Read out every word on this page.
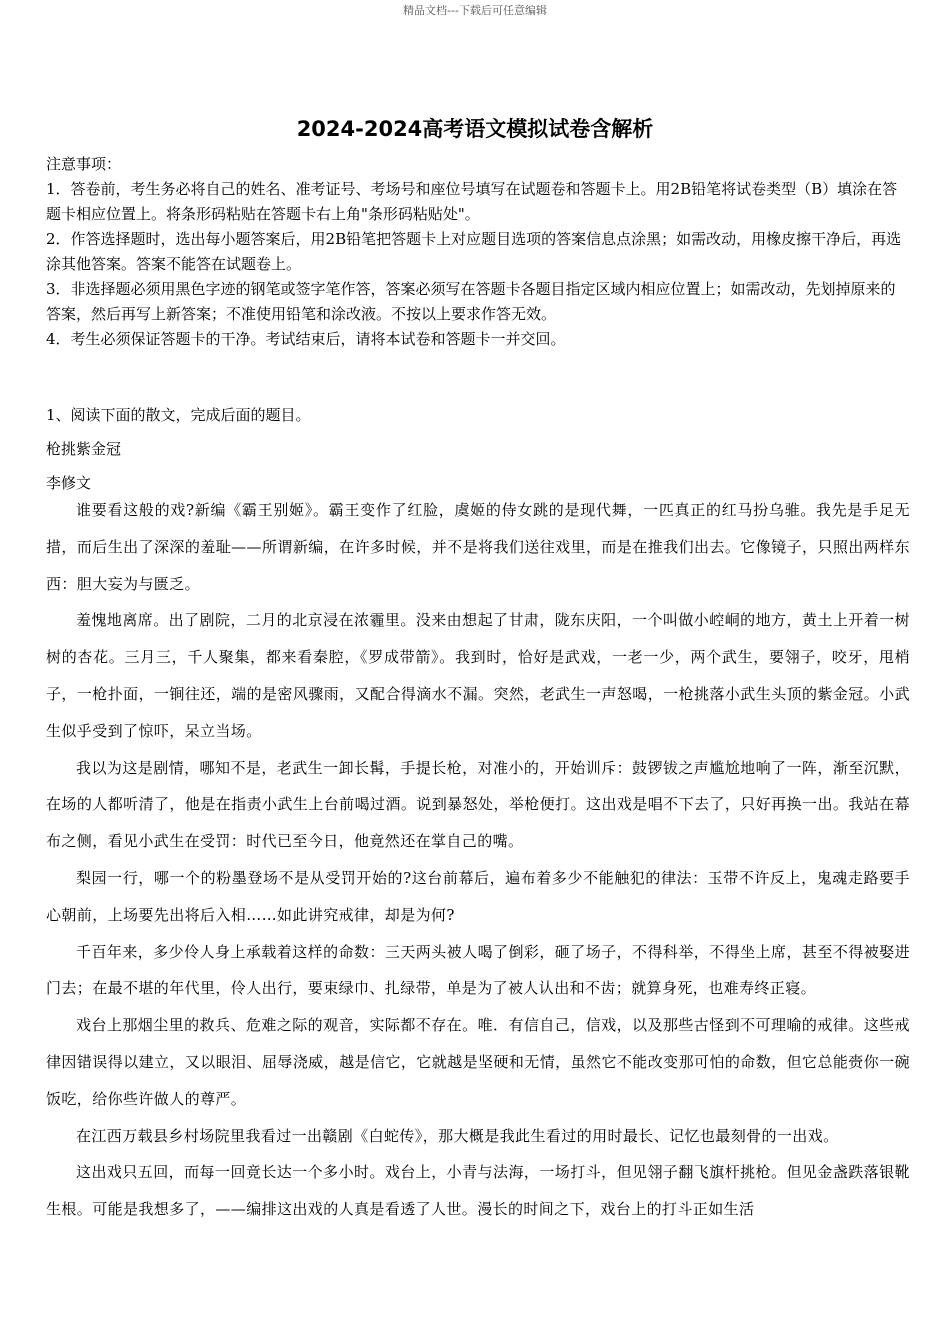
精品文档---下载后可任意编辑
2024-2024高考语文模拟试卷含解析

注意事项：

1．答卷前，考生务必将自己的姓名、准考证号、考场号和座位号填写在试题卷和答题卡上。用2B铅笔将试卷类型（B）填涂在答题卡相应位置上。将条形码粘贴在答题卡右上角"条形码粘贴处"。

2．作答选择题时，选出每小题答案后，用2B铅笔把答题卡上对应题目选项的答案信息点涂黑；如需改动，用橡皮擦干净后，再选涂其他答案。答案不能答在试题卷上。

3．非选择题必须用黑色字迹的钢笔或签字笔作答，答案必须写在答题卡各题目指定区域内相应位置上；如需改动，先划掉原来的答案，然后再写上新答案；不准使用铅笔和涂改液。不按以上要求作答无效。

4．考生必须保证答题卡的干净。考试结束后，请将本试卷和答题卡一并交回。

1、阅读下面的散文，完成后面的题目。

枪挑紫金冠

李修文

谁要看这般的戏?新编《霸王别姬》。霸王变作了红脸，虞姬的侍女跳的是现代舞，一匹真正的红马扮乌骓。我先是手足无措，而后生出了深深的羞耻——所谓新编，在许多时候，并不是将我们送往戏里，而是在推我们出去。它像镜子，只照出两样东西：胆大妄为与匮乏。

羞愧地离席。出了剧院，二月的北京浸在浓霾里。没来由想起了甘肃，陇东庆阳，一个叫做小崆峒的地方，黄土上开着一树树的杏花。三月三，千人聚集，都来看秦腔，《罗成带箭》。我到时，恰好是武戏，一老一少，两个武生，要翎子，咬牙，甩梢子，一枪扑面，一锏往还，端的是密风骤雨，又配合得滴水不漏。突然，老武生一声怒喝，一枪挑落小武生头顶的紫金冠。小武生似乎受到了惊吓，呆立当场。

我以为这是剧情，哪知不是，老武生一卸长髯，手提长枪，对准小的，开始训斥：鼓锣钹之声尴尬地响了一阵，渐至沉默，在场的人都听清了，他是在指责小武生上台前喝过酒。说到暴怒处，举枪便打。这出戏是唱不下去了，只好再换一出。我站在幕布之侧，看见小武生在受罚：时代已至今日，他竟然还在掌自己的嘴。

梨园一行，哪一个的粉墨登场不是从受罚开始的?这台前幕后，遍布着多少不能触犯的律法：玉带不许反上，鬼魂走路要手心朝前，上场要先出将后入相……如此讲究戒律，却是为何?

千百年来，多少伶人身上承载着这样的命数：三天两头被人喝了倒彩，砸了场子，不得科举，不得坐上席，甚至不得被娶进门去；在最不堪的年代里，伶人出行，要束绿巾、扎绿带，单是为了被人认出和不齿；就算身死，也难寿终正寝。

戏台上那烟尘里的救兵、危难之际的观音，实际都不存在。唯．有信自己，信戏，以及那些古怪到不可理喻的戒律。这些戒律因错误得以建立，又以眼泪、屈辱浇威，越是信它，它就越是坚硬和无情，虽然它不能改变那可怕的命数，但它总能赍你一碗饭吃，给你些许做人的尊严。

在江西万载县乡村场院里我看过一出赣剧《白蛇传》，那大概是我此生看过的用时最长、记忆也最刻骨的一出戏。

这出戏只五回，而每一回竟长达一个多小时。戏台上，小青与法海，一场打斗，但见翎子翻飞旗杆挑枪。但见金盏跌落银靴生根。可能是我想多了，——编排这出戏的人真是看透了人世。漫长的时间之下，戏台上的打斗正如生活
